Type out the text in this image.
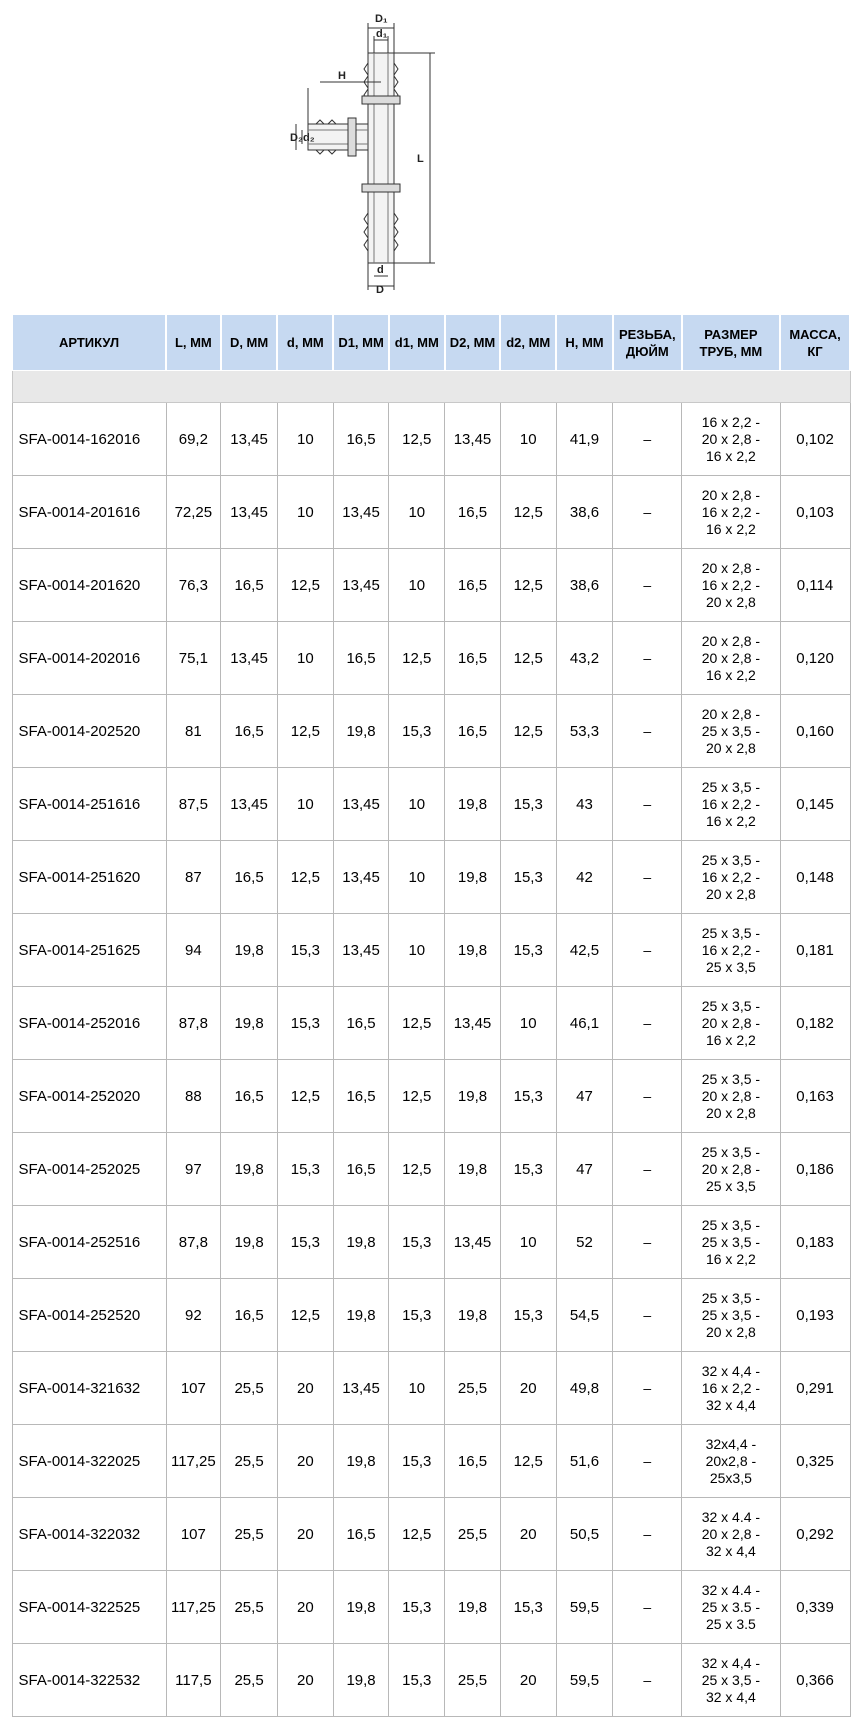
D₁
d₁
H
L
D₂ d₂
d
D
АРТИКУЛ	L, ММ	D, ММ	d, ММ	D1, ММ	d1, ММ	D2, ММ	d2, ММ	H, ММ	РЕЗЬБА, ДЮЙМ	РАЗМЕР ТРУБ, ММ	МАССА, КГ

SFA-0014-162016	69,2	13,45	10	16,5	12,5	13,45	10	41,9	–	16 x 2,2 -
20 x 2,8 -
16 x 2,2	0,102
SFA-0014-201616	72,25	13,45	10	13,45	10	16,5	12,5	38,6	–	20 x 2,8 -
16 x 2,2 -
16 x 2,2	0,103
SFA-0014-201620	76,3	16,5	12,5	13,45	10	16,5	12,5	38,6	–	20 x 2,8 -
16 x 2,2 -
20 x 2,8	0,114
SFA-0014-202016	75,1	13,45	10	16,5	12,5	16,5	12,5	43,2	–	20 x 2,8 -
20 x 2,8 -
16 x 2,2	0,120
SFA-0014-202520	81	16,5	12,5	19,8	15,3	16,5	12,5	53,3	–	20 x 2,8 -
25 x 3,5 -
20 x 2,8	0,160
SFA-0014-251616	87,5	13,45	10	13,45	10	19,8	15,3	43	–	25 x 3,5 -
16 x 2,2 -
16 x 2,2	0,145
SFA-0014-251620	87	16,5	12,5	13,45	10	19,8	15,3	42	–	25 x 3,5 -
16 x 2,2 -
20 x 2,8	0,148
SFA-0014-251625	94	19,8	15,3	13,45	10	19,8	15,3	42,5	–	25 x 3,5 -
16 x 2,2 -
25 x 3,5	0,181
SFA-0014-252016	87,8	19,8	15,3	16,5	12,5	13,45	10	46,1	–	25 x 3,5 -
20 x 2,8 -
16 x 2,2	0,182
SFA-0014-252020	88	16,5	12,5	16,5	12,5	19,8	15,3	47	–	25 x 3,5 -
20 x 2,8 -
20 x 2,8	0,163
SFA-0014-252025	97	19,8	15,3	16,5	12,5	19,8	15,3	47	–	25 x 3,5 -
20 x 2,8 -
25 x 3,5	0,186
SFA-0014-252516	87,8	19,8	15,3	19,8	15,3	13,45	10	52	–	25 x 3,5 -
25 x 3,5 -
16 x 2,2	0,183
SFA-0014-252520	92	16,5	12,5	19,8	15,3	19,8	15,3	54,5	–	25 x 3,5 -
25 x 3,5 -
20 x 2,8	0,193
SFA-0014-321632	107	25,5	20	13,45	10	25,5	20	49,8	–	32 x 4,4 -
16 x 2,2 -
32 x 4,4	0,291
SFA-0014-322025	117,25	25,5	20	19,8	15,3	16,5	12,5	51,6	–	32x4,4 -
20x2,8 -
25x3,5	0,325
SFA-0014-322032	107	25,5	20	16,5	12,5	25,5	20	50,5	–	32 x 4.4 -
20 x 2,8 -
32 x 4,4	0,292
SFA-0014-322525	117,25	25,5	20	19,8	15,3	19,8	15,3	59,5	–	32 x 4.4 -
25 x 3.5 -
25 x 3.5	0,339
SFA-0014-322532	117,5	25,5	20	19,8	15,3	25,5	20	59,5	–	32 x 4,4 -
25 x 3,5 -
32 x 4,4	0,366
